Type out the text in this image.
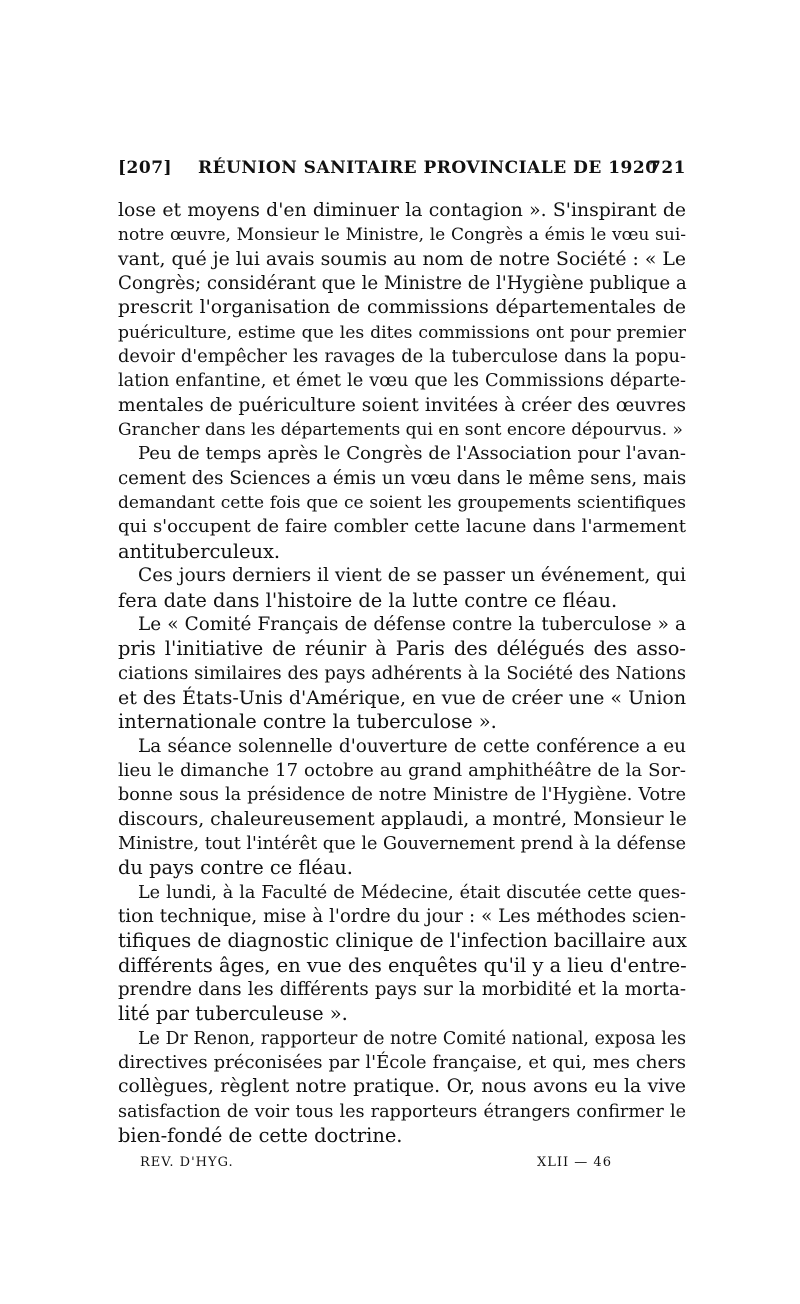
[207] RÉUNION SANITAIRE PROVINCIALE DE 1920
721
lose et moyens d'en diminuer la contagion ». S'inspirant de
notre œuvre, Monsieur le Ministre, le Congrès a émis le vœu sui-
vant, qué je lui avais soumis au nom de notre Société : « Le
Congrès; considérant que le Ministre de l'Hygiène publique a
prescrit l'organisation de commissions départementales de
puériculture, estime que les dites commissions ont pour premier
devoir d'empêcher les ravages de la tuberculose dans la popu-
lation enfantine, et émet le vœu que les Commissions départe-
mentales de puériculture soient invitées à créer des œuvres
Grancher dans les départements qui en sont encore dépourvus. »
Peu de temps après le Congrès de l'Association pour l'avan-
cement des Sciences a émis un vœu dans le même sens, mais
demandant cette fois que ce soient les groupements scientifiques
qui s'occupent de faire combler cette lacune dans l'armement
antituberculeux.
Ces jours derniers il vient de se passer un événement, qui
fera date dans l'histoire de la lutte contre ce fléau.
Le « Comité Français de défense contre la tuberculose » a
pris l'initiative de réunir à Paris des délégués des asso-
ciations similaires des pays adhérents à la Société des Nations
et des États-Unis d'Amérique, en vue de créer une « Union
internationale contre la tuberculose ».
La séance solennelle d'ouverture de cette conférence a eu
lieu le dimanche 17 octobre au grand amphithéâtre de la Sor-
bonne sous la présidence de notre Ministre de l'Hygiène. Votre
discours, chaleureusement applaudi, a montré, Monsieur le
Ministre, tout l'intérêt que le Gouvernement prend à la défense
du pays contre ce fléau.
Le lundi, à la Faculté de Médecine, était discutée cette ques-
tion technique, mise à l'ordre du jour : « Les méthodes scien-
tifiques de diagnostic clinique de l'infection bacillaire aux
différents âges, en vue des enquêtes qu'il y a lieu d'entre-
prendre dans les différents pays sur la morbidité et la morta-
lité par tuberculeuse ».
Le Dr Renon, rapporteur de notre Comité national, exposa les
directives préconisées par l'École française, et qui, mes chers
collègues, règlent notre pratique. Or, nous avons eu la vive
satisfaction de voir tous les rapporteurs étrangers confirmer le
bien-fondé de cette doctrine.
REV. D'HYG.	XLII — 46
